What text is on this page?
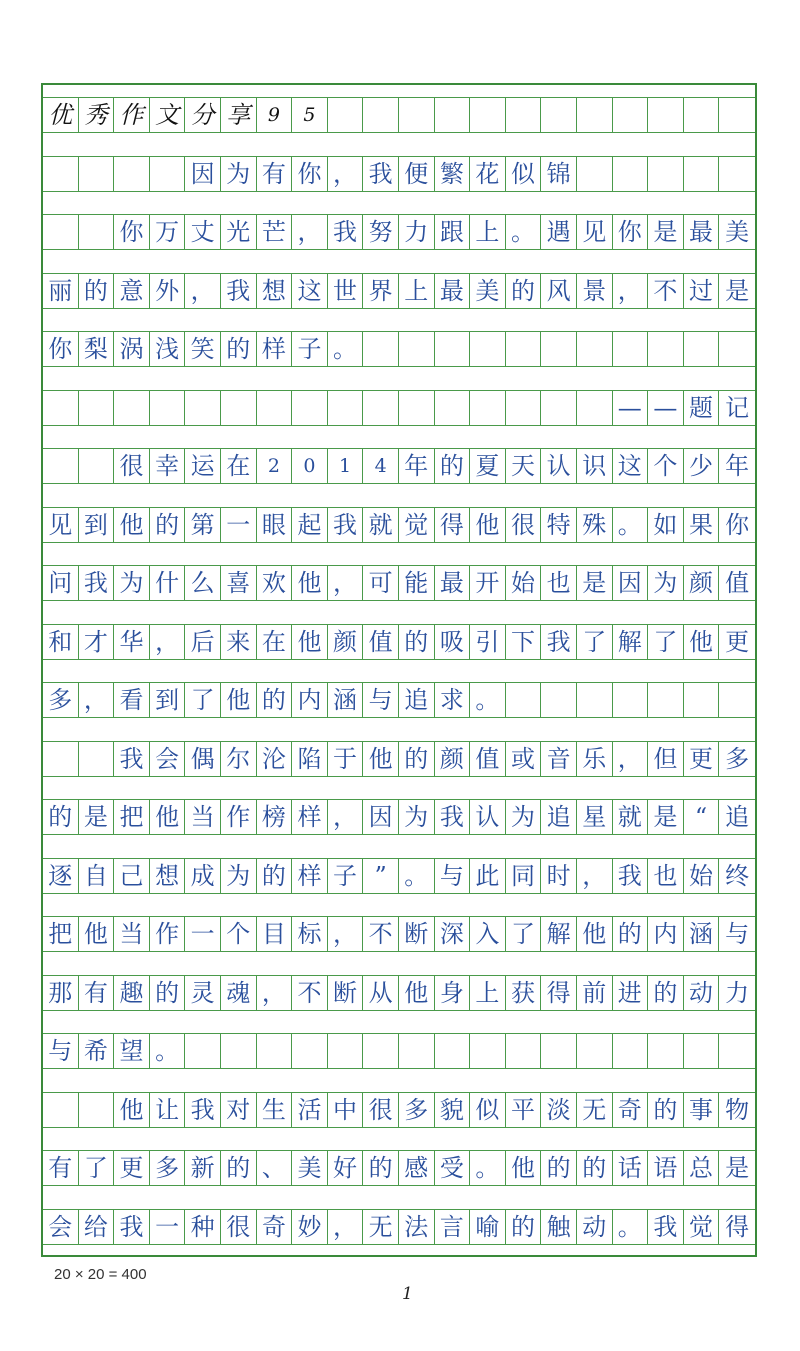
优 秀 作 文 分 享 9	5
因 为 有 你 ， 我 便 繁 花 似 锦
你 万 丈 光 芒 ， 我 努 力 跟 上 。 遇 见 你 是 最 美
丽 的 意 外 ， 我 想 这 世 界 上 最 美 的 风 景 ， 不 过 是
你 梨 涡 浅 笑 的 样 子 。
— — 题 记
很 幸 运 在 2	0	1	4 年 的 夏 天 认 识 这 个 少 年
见 到 他 的 第 一 眼 起 我 就 觉 得 他 很 特 殊 。 如 果 你
问 我 为 什 么 喜 欢 他 ， 可 能 最 开 始 也 是 因 为 颜 值
和 才 华 ， 后 来 在 他 颜 值 的 吸 引 下 我 了 解 了 他 更
多 ， 看 到 了 他 的 内 涵 与 追 求 。
我 会 偶 尔 沦 陷 于 他 的 颜 值 或 音 乐 ， 但 更 多
的 是 把 他 当 作 榜 样 ， 因 为 我 认 为 追 星 就 是 “ 追
逐 自 己 想 成 为 的 样 子 ” 。 与 此 同 时 ， 我 也 始 终
把 他 当 作 一 个 目 标 ， 不 断 深 入 了 解 他 的 内 涵 与
那 有 趣 的 灵 魂 ， 不 断 从 他 身 上 获 得 前 进 的 动 力
与 希 望 。
他 让 我 对 生 活 中 很 多 貌 似 平 淡 无 奇 的 事 物
有 了 更 多 新 的 、 美 好 的 感 受 。 他 的 的 话 语 总 是
会 给 我 一 种 很 奇 妙 ， 无 法 言 喻 的 触 动 。 我 觉 得
20 × 20 = 400
1
